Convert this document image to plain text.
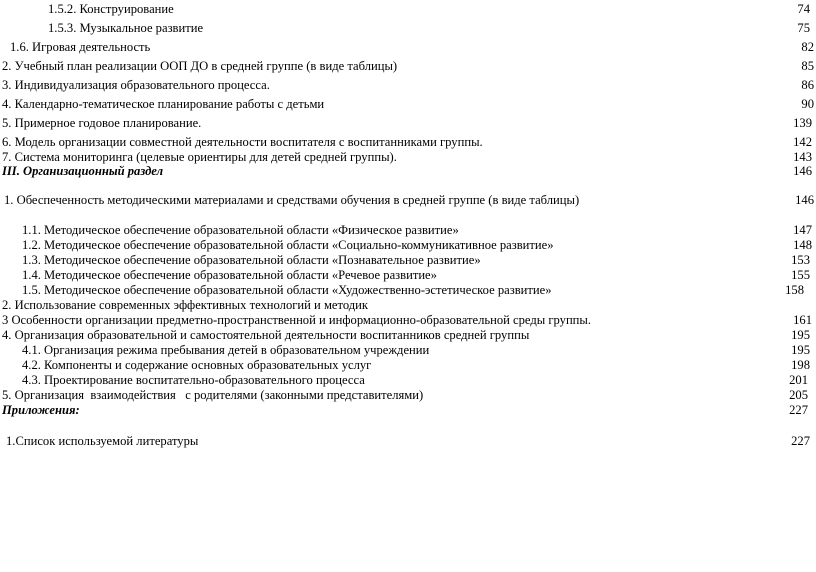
1.5.2. Конструирование	74
1.5.3. Музыкальное развитие	75
1.6. Игровая деятельность	82
2. Учебный план реализации ООП ДО в средней группе (в виде таблицы)	85
3. Индивидуализация образовательного процесса.	86
4. Календарно-тематическое планирование работы с детьми	90
5. Примерное годовое планирование.	139
6. Модель организации совместной деятельности воспитателя с воспитанниками группы.	142
7. Система мониторинга (целевые ориентиры для детей средней группы).	143
III. Организационный раздел	146
1. Обеспеченность методическими материалами и средствами обучения в средней группе (в виде таблицы)	146
1.1. Методическое обеспечение образовательной области «Физическое развитие»	147
1.2. Методическое обеспечение образовательной области «Социально-коммуникативное развитие»	148
1.3. Методическое обеспечение образовательной области «Познавательное развитие»	153
1.4. Методическое обеспечение образовательной области «Речевое развитие»	155
1.5. Методическое обеспечение образовательной области «Художественно-эстетическое развитие»	158
2. Использование современных эффективных технологий и методик
3 Особенности организации предметно-пространственной и информационно-образовательной среды группы.	161
4. Организация образовательной и самостоятельной деятельности воспитанников средней группы	195
4.1. Организация режима пребывания детей в образовательном учреждении	195
4.2. Компоненты и содержание основных образовательных услуг	198
4.3. Проектирование воспитательно-образовательного процесса	201
5. Организация  взаимодействия   с родителями (законными представителями)	205
Приложения:	227
1.Список используемой литературы	227
